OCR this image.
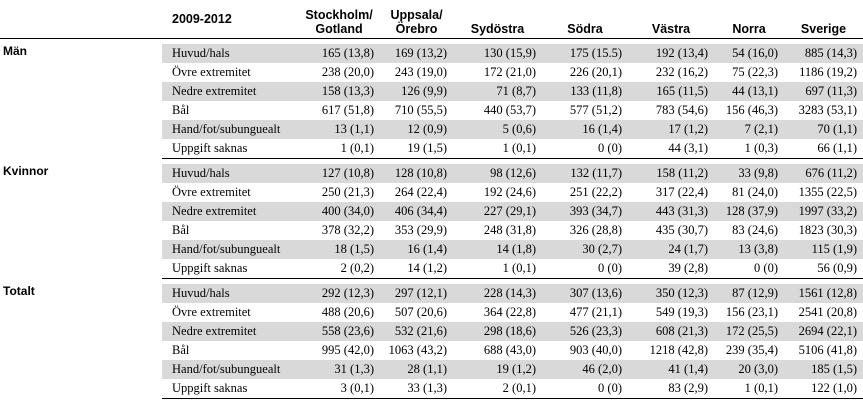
	2009-2012	Stockholm/ Gotland	Uppsala/ Örebro	Sydöstra	Södra	Västra	Norra	Sverige

Män	Huvud/hals	165 (13,8)	169 (13,2)	130 (15,9)	175 (15.5)	192 (13,4)	54 (16,0)	885 (14,3)
	Övre extremitet	238 (20,0)	243 (19,0)	172 (21,0)	226 (20,1)	232 (16,2)	75 (22,3)	1186 (19,2)
	Nedre extremitet	158 (13,3)	126 (9,9)	71 (8,7)	133 (11,8)	165 (11,5)	44 (13,1)	697 (11,3)
	Bål	617 (51,8)	710 (55,5)	440 (53,7)	577 (51,2)	783 (54,6)	156 (46,3)	3283 (53,1)
	Hand/fot/subunguealt	13 (1,1)	12 (0,9)	5 (0,6)	16 (1,4)	17 (1,2)	7 (2,1)	70 (1,1)
	Uppgift saknas	1 (0,1)	19 (1,5)	1 (0,1)	0 (0)	44 (3,1)	1 (0,3)	66 (1,1)

Kvinnor	Huvud/hals	127 (10,8)	128 (10,8)	98 (12,6)	132 (11,7)	158 (11,2)	33 (9,8)	676 (11,2)
	Övre extremitet	250 (21,3)	264 (22,4)	192 (24,6)	251 (22,2)	317 (22,4)	81 (24,0)	1355 (22,5)
	Nedre extremitet	400 (34,0)	406 (34,4)	227 (29,1)	393 (34,7)	443 (31,3)	128 (37,9)	1997 (33,2)
	Bål	378 (32,2)	353 (29,9)	248 (31,8)	326 (28,8)	435 (30,7)	83 (24,6)	1823 (30,3)
	Hand/fot/subunguealt	18 (1,5)	16 (1,4)	14 (1,8)	30 (2,7)	24 (1,7)	13 (3,8)	115 (1,9)
	Uppgift saknas	2 (0,2)	14 (1,2)	1 (0,1)	0 (0)	39 (2,8)	0 (0)	56 (0,9)

Totalt	Huvud/hals	292 (12,3)	297 (12,1)	228 (14,3)	307 (13,6)	350 (12,3)	87 (12,9)	1561 (12,8)
	Övre extremitet	488 (20,6)	507 (20,6)	364 (22,8)	477 (21,1)	549 (19,3)	156 (23,1)	2541 (20,8)
	Nedre extremitet	558 (23,6)	532 (21,6)	298 (18,6)	526 (23,3)	608 (21,3)	172 (25,5)	2694 (22,1)
	Bål	995 (42,0)	1063 (43,2)	688 (43,0)	903 (40,0)	1218 (42,8)	239 (35,4)	5106 (41,8)
	Hand/fot/subunguealt	31 (1,3)	28 (1,1)	19 (1,2)	46 (2,0)	41 (1,4)	20 (3,0)	185 (1,5)
	Uppgift saknas	3 (0,1)	33 (1,3)	2 (0,1)	0 (0)	83 (2,9)	1 (0,1)	122 (1,0)
